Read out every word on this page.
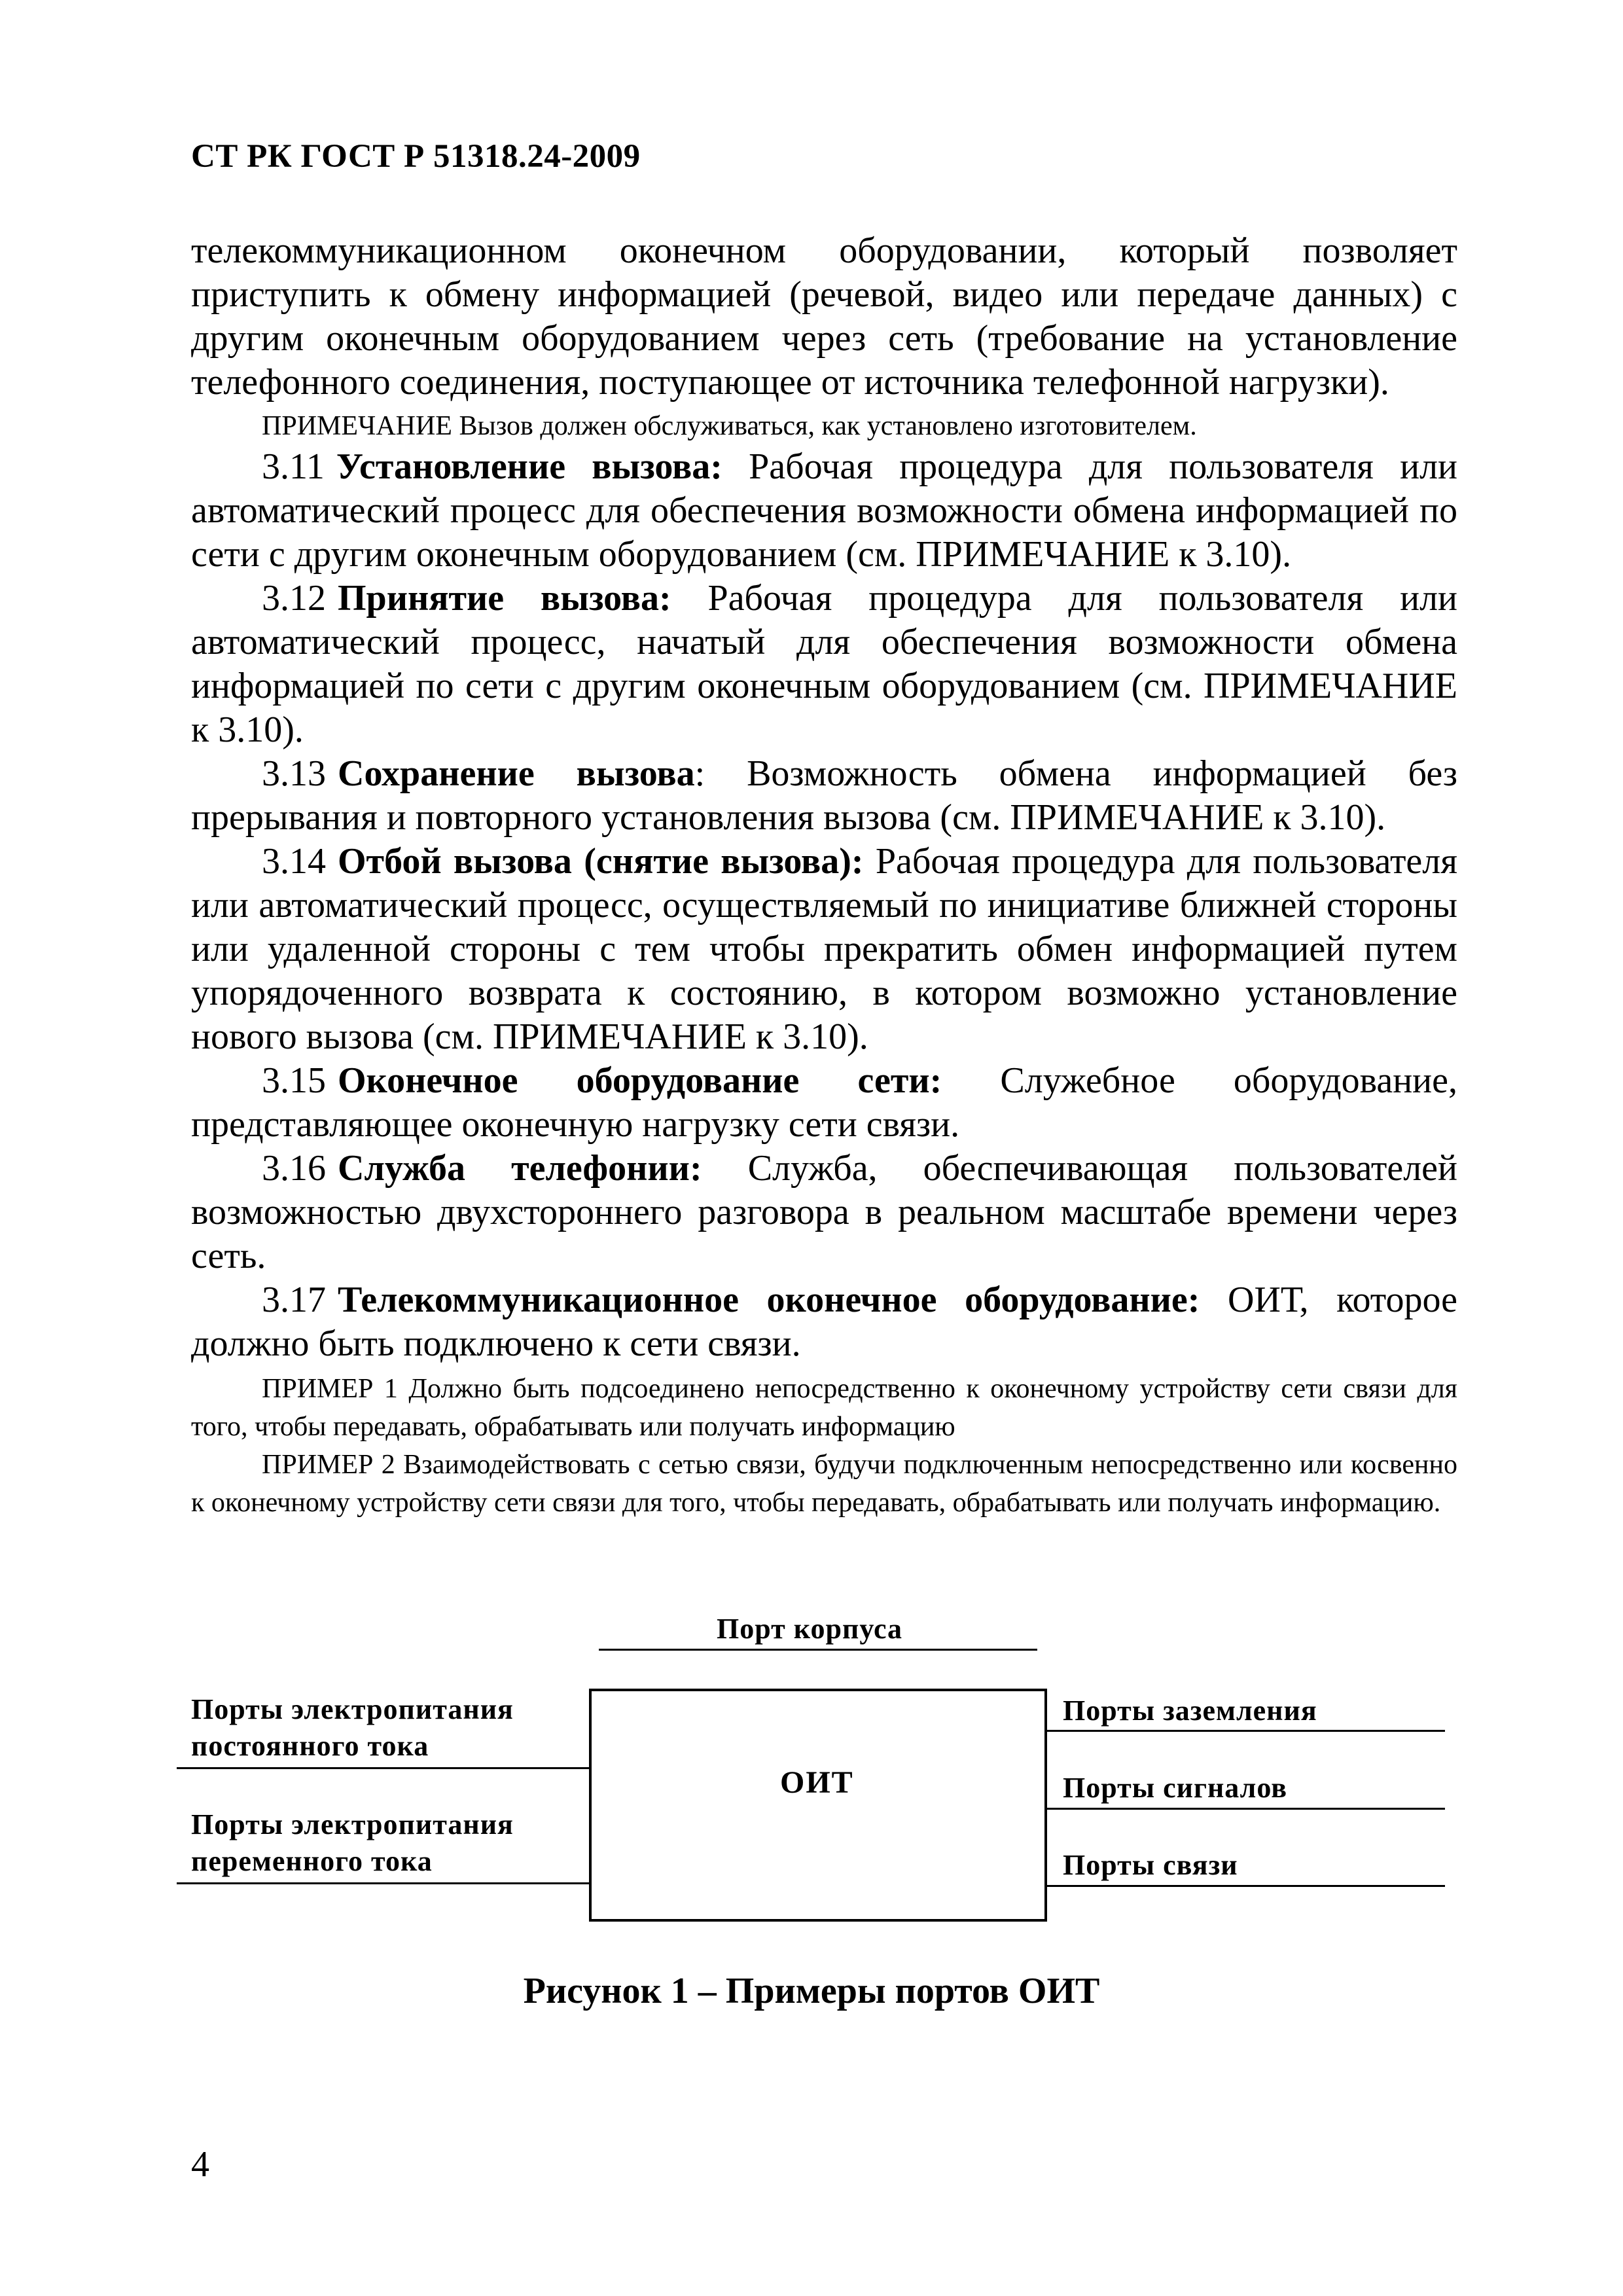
СТ РК ГОСТ Р 51318.24-2009

телекоммуникационном оконечном оборудовании, который позволяет приступить к обмену информацией (речевой, видео или передаче данных) с другим оконечным оборудованием через сеть (требование на установление телефонного соединения, поступающее от источника телефонной нагрузки).

ПРИМЕЧАНИЕ Вызов должен обслуживаться, как установлено изготовителем.

3.11 Установление вызова: Рабочая процедура для пользователя или автоматический процесс для обеспечения возможности обмена информацией по сети с другим оконечным оборудованием (см. ПРИМЕЧАНИЕ к 3.10).

3.12 Принятие вызова: Рабочая процедура для пользователя или автоматический процесс, начатый для обеспечения возможности обмена информацией по сети с другим оконечным оборудованием (см. ПРИМЕЧАНИЕ к 3.10).

3.13 Сохранение вызова: Возможность обмена информацией без прерывания и повторного установления вызова (см. ПРИМЕЧАНИЕ к 3.10).

3.14 Отбой вызова (снятие вызова): Рабочая процедура для пользователя или автоматический процесс, осуществляемый по инициативе ближней стороны или удаленной стороны с тем чтобы прекратить обмен информацией путем упорядоченного возврата к состоянию, в котором возможно установление нового вызова (см. ПРИМЕЧАНИЕ к 3.10).

3.15 Оконечное оборудование сети: Служебное оборудование, представляющее оконечную нагрузку сети связи.

3.16 Служба телефонии: Служба, обеспечивающая пользователей возможностью двухстороннего разговора в реальном масштабе времени через сеть.

3.17 Телекоммуникационное оконечное оборудование: ОИТ, которое должно быть подключено к сети связи.

ПРИМЕР 1 Должно быть подсоединено непосредственно к оконечному устройству сети связи для того, чтобы передавать, обрабатывать или получать информацию

ПРИМЕР 2 Взаимодействовать с сетью связи, будучи подключенным непосредственно или косвенно к оконечному устройству сети связи для того, чтобы передавать, обрабатывать или получать информацию.

Порт корпуса
ОИТ
Порты электропитания
постоянного тока
Порты электропитания
переменного тока
Порты заземления
Порты сигналов
Порты связи
Рисунок 1 – Примеры портов ОИТ
4
